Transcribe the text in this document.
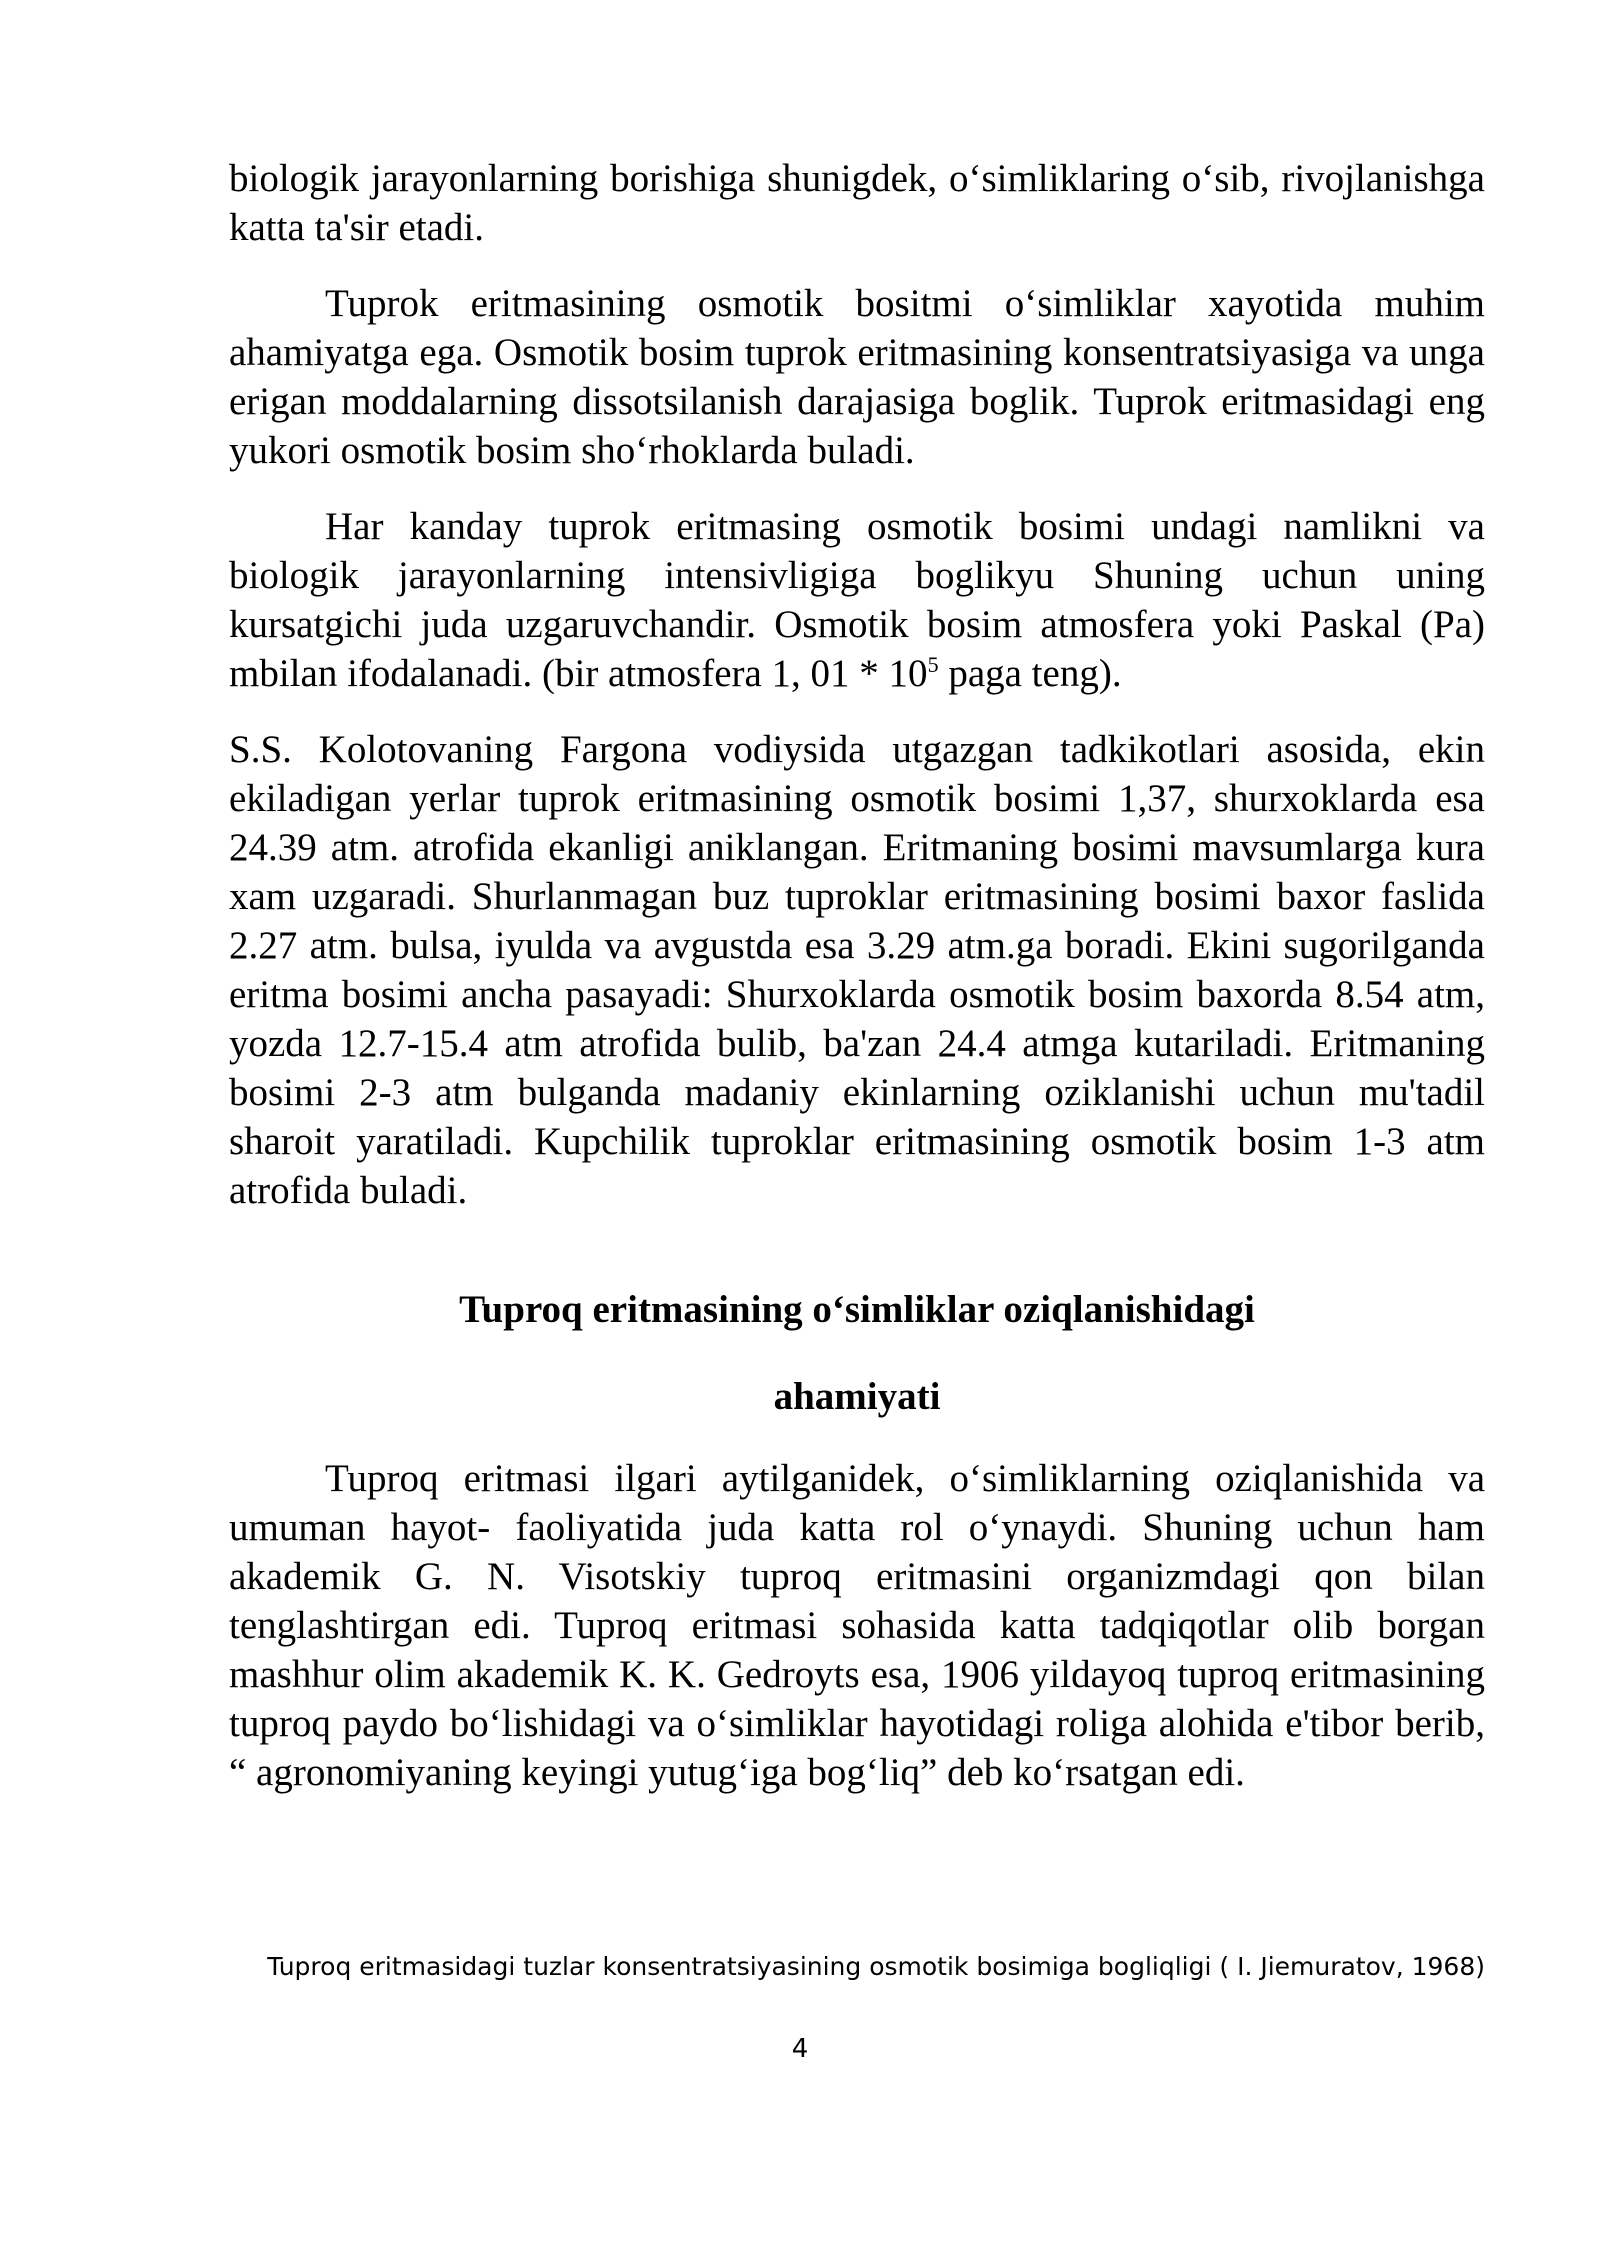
biologik jarayonlarning borishiga shunigdek, o‘simliklaring o‘sib, rivojlanishga katta ta'sir etadi.

Tuprok eritmasining osmotik bositmi o‘simliklar xayotida muhim ahamiyatga ega. Osmotik bosim tuprok eritmasining konsentratsiyasiga va unga erigan moddalarning dissotsilanish darajasiga boglik. Tuprok eritmasidagi eng yukori osmotik bosim sho‘rhoklarda buladi.

Har kanday tuprok eritmasing osmotik bosimi undagi namlikni va biologik jarayonlarning intensivligiga boglikyu Shuning uchun uning kursatgichi juda uzgaruvchandir. Osmotik bosim atmosfera yoki Paskal (Pa) mbilan ifodalanadi. (bir atmosfera 1, $01 * 10^5$ paga teng).

S.S. Kolotovaning Fargona vodiysida utgazgan tadkikotlari asosida, ekin ekiladigan yerlar tuprok eritmasining osmotik bosimi 1,37, shurxoklarda esa 24.39 atm. atrofida ekanligi aniklangan. Eritmaning bosimi mavsumlarga kura xam uzgaradi. Shurlanmagan buz tuproklar eritmasining bosimi baxor faslida 2.27 atm. bulsa, iyulda va avgustda esa 3.29 atm.ga boradi. Ekini sugorilganda eritma bosimi ancha pasayadi: Shurxoklarda osmotik bosim baxorda 8.54 atm, yozda 12.7-15.4 atm atrofida bulib, ba'zan 24.4 atmga kutariladi. Eritmaning bosimi 2-3 atm bulganda madaniy ekinlarning oziklanishi uchun mu'tadil sharoit yaratiladi. Kupchilik tuproklar eritmasining osmotik bosim 1-3 atm atrofida buladi.

Tuproq eritmasining o‘simliklar oziqlanishidagi

ahamiyati

Tuproq eritmasi ilgari aytilganidek, o‘simliklarning oziqlanishida va umuman hayot- faoliyatida juda katta rol o‘ynaydi. Shuning uchun ham akademik G. N. Visotskiy tuproq eritmasini organizmdagi qon bilan tenglashtirgan edi. Tuproq eritmasi sohasida katta tadqiqotlar olib borgan mashhur olim akademik K. K. Gedroyts esa, 1906 yildayoq tuproq eritmasining tuproq paydo bo‘lishidagi va o‘simliklar hayotidagi roliga alohida e'tibor berib, “ agronomiyaning keyingi yutug‘iga bog‘liq” deb ko‘rsatgan edi.

Tuproq eritmasidagi tuzlar konsentratsiyasining osmotik bosimiga bogliqligi ( I. Jiemuratov, 1968)
4
